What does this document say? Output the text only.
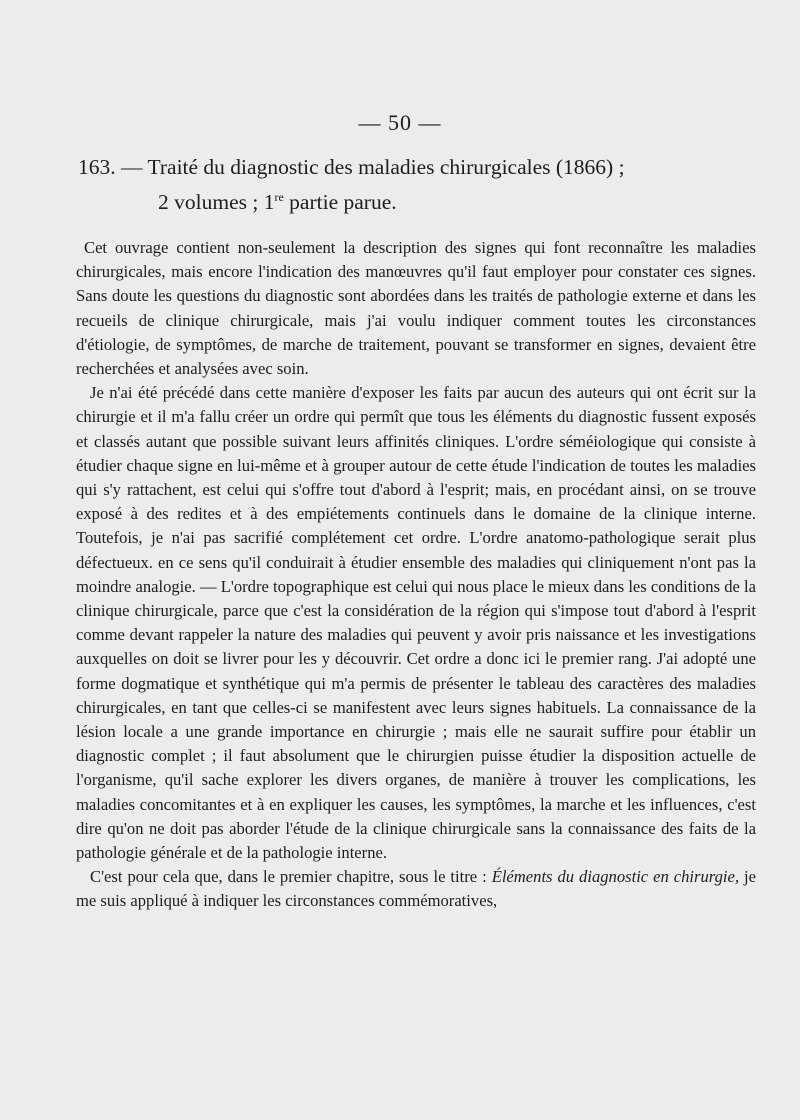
— 50 —
163. — Traité du diagnostic des maladies chirurgicales (1866) ;
2 volumes ; 1re partie parue.

Cet ouvrage contient non-seulement la description des signes qui font reconnaître les maladies chirurgicales, mais encore l'indication des manœuvres qu'il faut employer pour constater ces signes. Sans doute les questions du diagnostic sont abordées dans les traités de pathologie externe et dans les recueils de clinique chirurgicale, mais j'ai voulu indiquer comment toutes les circonstances d'étiologie, de symptômes, de marche de traitement, pouvant se transformer en signes, devaient être recherchées et analysées avec soin.

Je n'ai été précédé dans cette manière d'exposer les faits par aucun des auteurs qui ont écrit sur la chirurgie et il m'a fallu créer un ordre qui permît que tous les éléments du diagnostic fussent exposés et classés autant que possible suivant leurs affinités cliniques. L'ordre séméiologique qui consiste à étudier chaque signe en lui-même et à grouper autour de cette étude l'indication de toutes les maladies qui s'y rattachent, est celui qui s'offre tout d'abord à l'esprit; mais, en procédant ainsi, on se trouve exposé à des redites et à des empiétements continuels dans le domaine de la clinique interne. Toutefois, je n'ai pas sacrifié complétement cet ordre. L'ordre anatomo-pathologique serait plus défectueux. en ce sens qu'il conduirait à étudier ensemble des maladies qui cliniquement n'ont pas la moindre analogie. — L'ordre topographique est celui qui nous place le mieux dans les conditions de la clinique chirurgicale, parce que c'est la considération de la région qui s'impose tout d'abord à l'esprit comme devant rappeler la nature des maladies qui peuvent y avoir pris naissance et les investigations auxquelles on doit se livrer pour les y découvrir. Cet ordre a donc ici le premier rang. J'ai adopté une forme dogmatique et synthétique qui m'a permis de présenter le tableau des caractères des maladies chirurgicales, en tant que celles-ci se manifestent avec leurs signes habituels. La connaissance de la lésion locale a une grande importance en chirurgie ; mais elle ne saurait suffire pour établir un diagnostic complet ; il faut absolument que le chirurgien puisse étudier la disposition actuelle de l'organisme, qu'il sache explorer les divers organes, de manière à trouver les complications, les maladies concomitantes et à en expliquer les causes, les symptômes, la marche et les influences, c'est dire qu'on ne doit pas aborder l'étude de la clinique chirurgicale sans la connaissance des faits de la pathologie générale et de la pathologie interne.

C'est pour cela que, dans le premier chapitre, sous le titre : Éléments du diagnostic en chirurgie, je me suis appliqué à indiquer les circonstances commémoratives,
